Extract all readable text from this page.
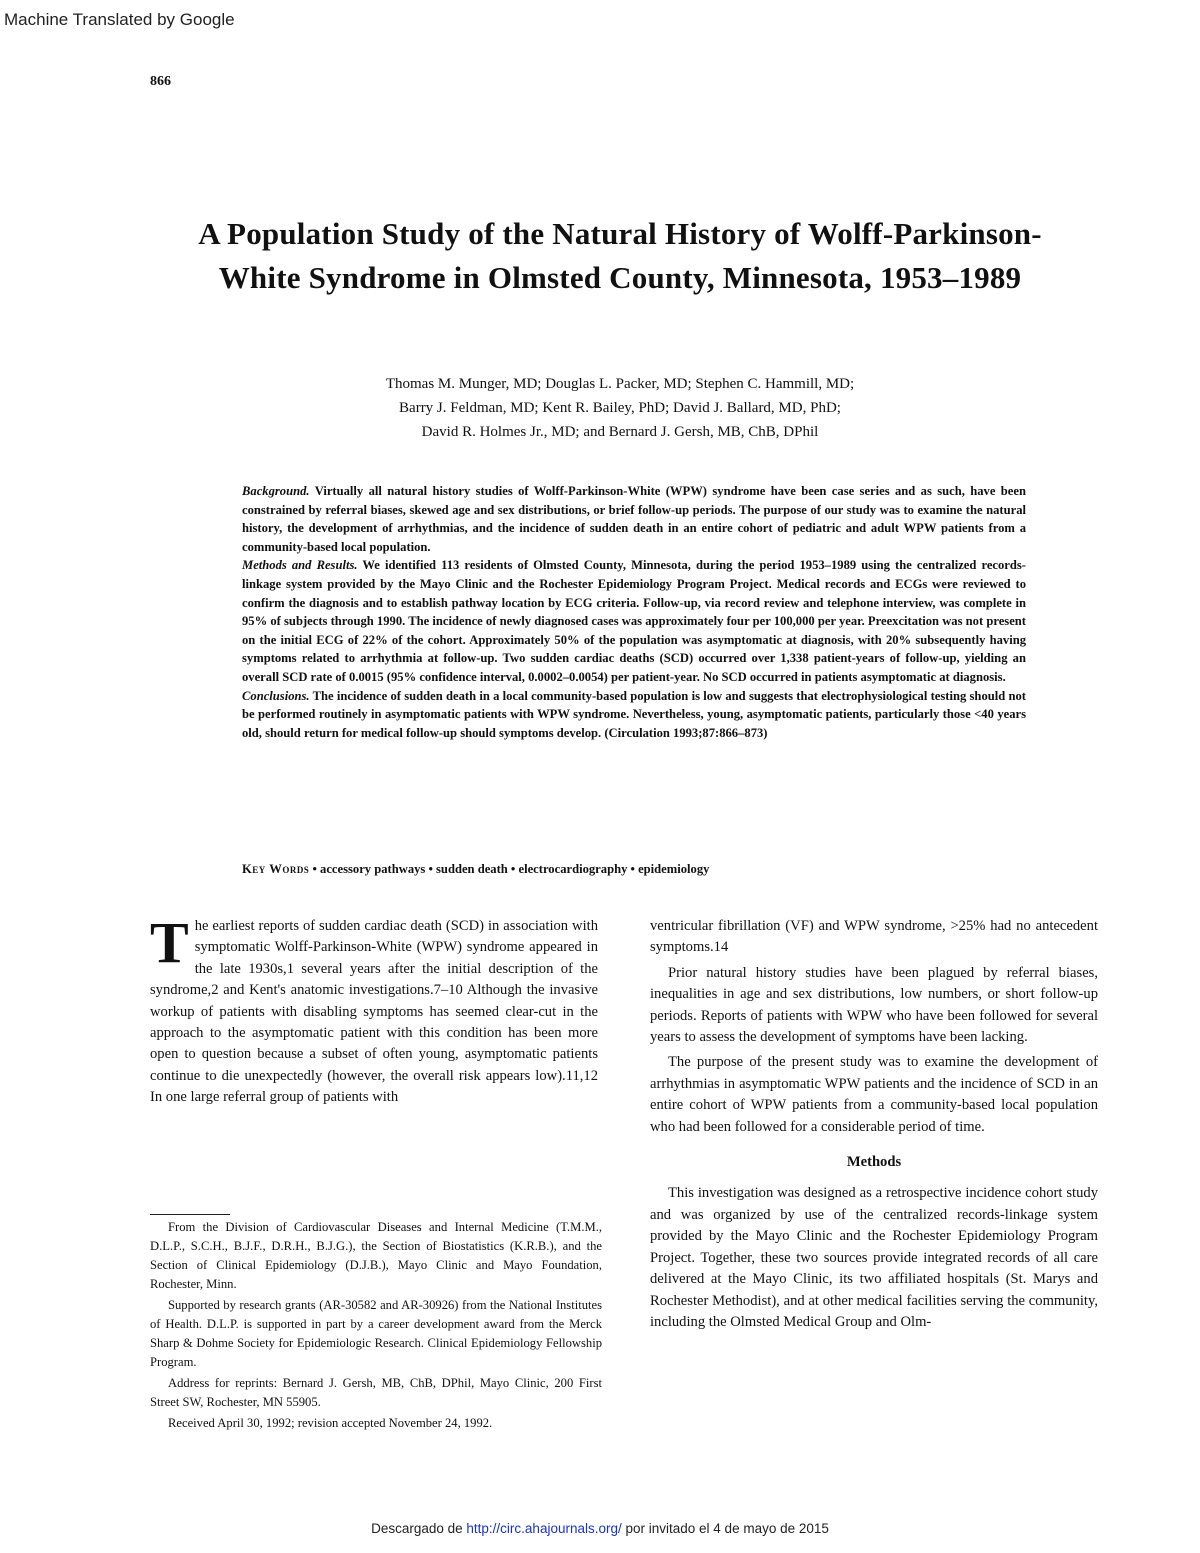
Machine Translated by Google
866
A Population Study of the Natural History of Wolff-Parkinson-White Syndrome in Olmsted County, Minnesota, 1953–1989
Thomas M. Munger, MD; Douglas L. Packer, MD; Stephen C. Hammill, MD;
Barry J. Feldman, MD; Kent R. Bailey, PhD; David J. Ballard, MD, PhD;
David R. Holmes Jr., MD; and Bernard J. Gersh, MB, ChB, DPhil

Background. Virtually all natural history studies of Wolff-Parkinson-White (WPW) syndrome have been case series and as such, have been constrained by referral biases, skewed age and sex distributions, or brief follow-up periods. The purpose of our study was to examine the natural history, the development of arrhythmias, and the incidence of sudden death in an entire cohort of pediatric and adult WPW patients from a community-based local population.

Methods and Results. We identified 113 residents of Olmsted County, Minnesota, during the period 1953–1989 using the centralized records-linkage system provided by the Mayo Clinic and the Rochester Epidemiology Program Project. Medical records and ECGs were reviewed to confirm the diagnosis and to establish pathway location by ECG criteria. Follow-up, via record review and telephone interview, was complete in 95% of subjects through 1990. The incidence of newly diagnosed cases was approximately four per 100,000 per year. Preexcitation was not present on the initial ECG of 22% of the cohort. Approximately 50% of the population was asymptomatic at diagnosis, with 20% subsequently having symptoms related to arrhythmia at follow-up. Two sudden cardiac deaths (SCD) occurred over 1,338 patient-years of follow-up, yielding an overall SCD rate of 0.0015 (95% confidence interval, 0.0002–0.0054) per patient-year. No SCD occurred in patients asymptomatic at diagnosis.

Conclusions. The incidence of sudden death in a local community-based population is low and suggests that electrophysiological testing should not be performed routinely in asymptomatic patients with WPW syndrome. Nevertheless, young, asymptomatic patients, particularly those <40 years old, should return for medical follow-up should symptoms develop. (Circulation 1993;87:866–873)

Key Words • accessory pathways • sudden death • electrocardiography • epidemiology

The earliest reports of sudden cardiac death (SCD) in association with symptomatic Wolff-Parkinson-White (WPW) syndrome appeared in the late 1930s,1 several years after the initial description of the syndrome,2 and Kent's anatomic investigations.7–10 Although the invasive workup of patients with disabling symptoms has seemed clear-cut in the approach to the asymptomatic patient with this condition has been more open to question because a subset of often young, asymptomatic patients continue to die unexpectedly (however, the overall risk appears low).11,12 In one large referral group of patients with

ventricular fibrillation (VF) and WPW syndrome, >25% had no antecedent symptoms.14

Prior natural history studies have been plagued by referral biases, inequalities in age and sex distributions, low numbers, or short follow-up periods. Reports of patients with WPW who have been followed for several years to assess the development of symptoms have been lacking.

The purpose of the present study was to examine the development of arrhythmias in asymptomatic WPW patients and the incidence of SCD in an entire cohort of WPW patients from a community-based local population who had been followed for a considerable period of time.

Methods

This investigation was designed as a retrospective incidence cohort study and was organized by use of the centralized records-linkage system provided by the Mayo Clinic and the Rochester Epidemiology Program Project. Together, these two sources provide integrated records of all care delivered at the Mayo Clinic, its two affiliated hospitals (St. Marys and Rochester Methodist), and at other medical facilities serving the community, including the Olmsted Medical Group and Olm-

From the Division of Cardiovascular Diseases and Internal Medicine (T.M.M., D.L.P., S.C.H., B.J.F., D.R.H., B.J.G.), the Section of Biostatistics (K.R.B.), and the Section of Clinical Epidemiology (D.J.B.), Mayo Clinic and Mayo Foundation, Rochester, Minn.

Supported by research grants (AR-30582 and AR-30926) from the National Institutes of Health. D.L.P. is supported in part by a career development award from the Merck Sharp & Dohme Society for Epidemiologic Research. Clinical Epidemiology Fellowship Program.

Address for reprints: Bernard J. Gersh, MB, ChB, DPhil, Mayo Clinic, 200 First Street SW, Rochester, MN 55905.

Received April 30, 1992; revision accepted November 24, 1992.

Descargado de http://circ.ahajournals.org/ por invitado el 4 de mayo de 2015
